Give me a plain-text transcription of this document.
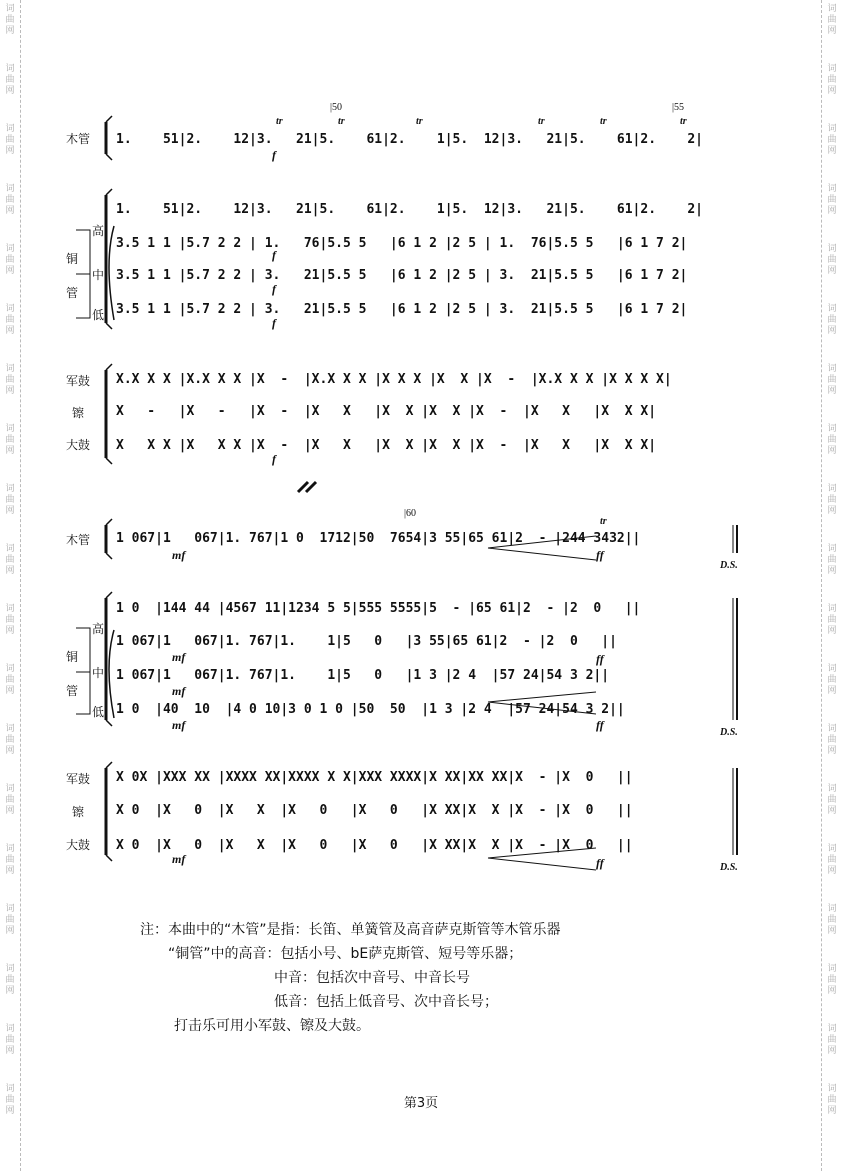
词
曲
网
词
曲
网
词
曲
网
词
曲
网
词
曲
网
词
曲
网
词
曲
网
词
曲
网
词
曲
网
词
曲
网
词
曲
网
词
曲
网
词
曲
网
词
曲
网
词
曲
网
词
曲
网
词
曲
网
词
曲
网
词
曲
网
词
曲
网
词
曲
网
词
曲
网
词
曲
网
词
曲
网
词
曲
网
词
曲
网
词
曲
网
词
曲
网
词
曲
网
词
曲
网
词
曲
网
词
曲
网
词
曲
网
词
曲
网
词
曲
网
词
曲
网
词
曲
网
词
曲
网
木管
高
铜
中
管
低
军鼓
镲
大鼓
木管
高
铜
中
管
低
军鼓
镲
大鼓
|50	|55
|60
1.    51|2.    12|3.   21|5.    61|2.    1|5.  12|3.   21|5.    61|2.    2|
1.    51|2.    12|3.   21|5.    61|2.    1|5.  12|3.   21|5.    61|2.    2|
3.5 1 1 |5.7 2 2 | 1.   76|5.5 5   |6 1 2 |2 5 | 1.  76|5.5 5   |6 1 7 2|
3.5 1 1 |5.7 2 2 | 3.   21|5.5 5   |6 1 2 |2 5 | 3.  21|5.5 5   |6 1 7 2|
3.5 1 1 |5.7 2 2 | 3.   21|5.5 5   |6 1 2 |2 5 | 3.  21|5.5 5   |6 1 7 2|
X.X X X |X.X X X |X  -  |X.X X X |X X X |X  X |X  -  |X.X X X |X X X X|
X   -   |X   -   |X  -  |X   X   |X  X |X  X |X  -  |X   X   |X  X X|
X   X X |X   X X |X  -  |X   X   |X  X |X  X |X  -  |X   X   |X  X X|
1 067|1   067|1. 767|1 0  1712|50  7654|3 55|65 61|2  - |244 3432||
1 0  |144 44 |4567 11|1234 5 5|555 5555|5  - |65 61|2  - |2  0   ||
1 067|1   067|1. 767|1.    1|5   0   |3 55|65 61|2  - |2  0   ||
1 067|1   067|1. 767|1.    1|5   0   |1 3 |2 4  |57 24|54 3 2||
1 0  |40  10  |4 0 10|3 0 1 0 |50  50  |1 3 |2 4  |57 24|54 3 2||
X 0X |XXX XX |XXXX XX|XXXX X X|XXX XXXX|X XX|XX XX|X  - |X  0   ||
X 0  |X   0  |X   X  |X   0   |X   0   |X XX|X  X |X  - |X  0   ||
X 0  |X   0  |X   X  |X   0   |X   0   |X XX|X  X |X  - |X  0   ||
f
f
f
f
f
mf
mf
mf
mf
mf
ff
ff
ff
ff
tr	tr	tr	tr	tr	tr
tr
D.S.
D.S.
D.S.
注：本曲中的“木管”是指：长笛、单簧管及高音萨克斯管等木管乐器
“铜管”中的高音：包括小号、bE萨克斯管、短号等乐器；
中音：包括次中音号、中音长号
低音：包括上低音号、次中音长号；
打击乐可用小军鼓、镲及大鼓。
第3页
